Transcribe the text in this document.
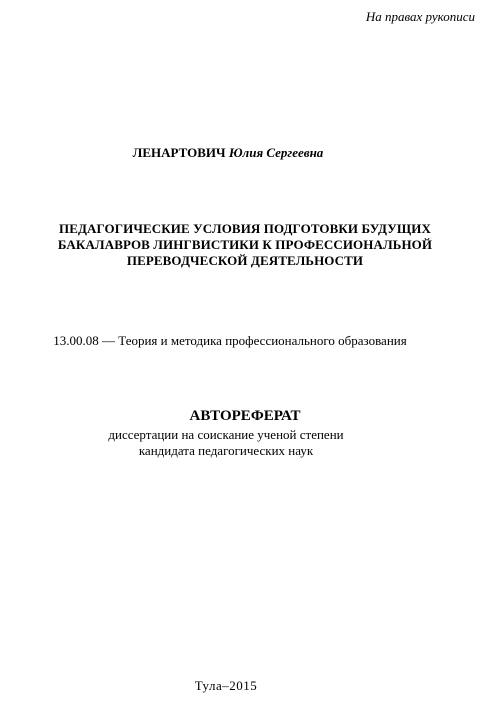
На правах рукописи
ЛЕНАРТОВИЧ Юлия Сергеевна
ПЕДАГОГИЧЕСКИЕ УСЛОВИЯ ПОДГОТОВКИ БУДУЩИХ
БАКАЛАВРОВ ЛИНГВИСТИКИ К ПРОФЕССИОНАЛЬНОЙ
ПЕРЕВОДЧЕСКОЙ ДЕЯТЕЛЬНОСТИ
13.00.08 — Теория и методика профессионального образования
АВТОРЕФЕРАТ
диссертации на соискание ученой степени
кандидата педагогических наук
Тула–2015
